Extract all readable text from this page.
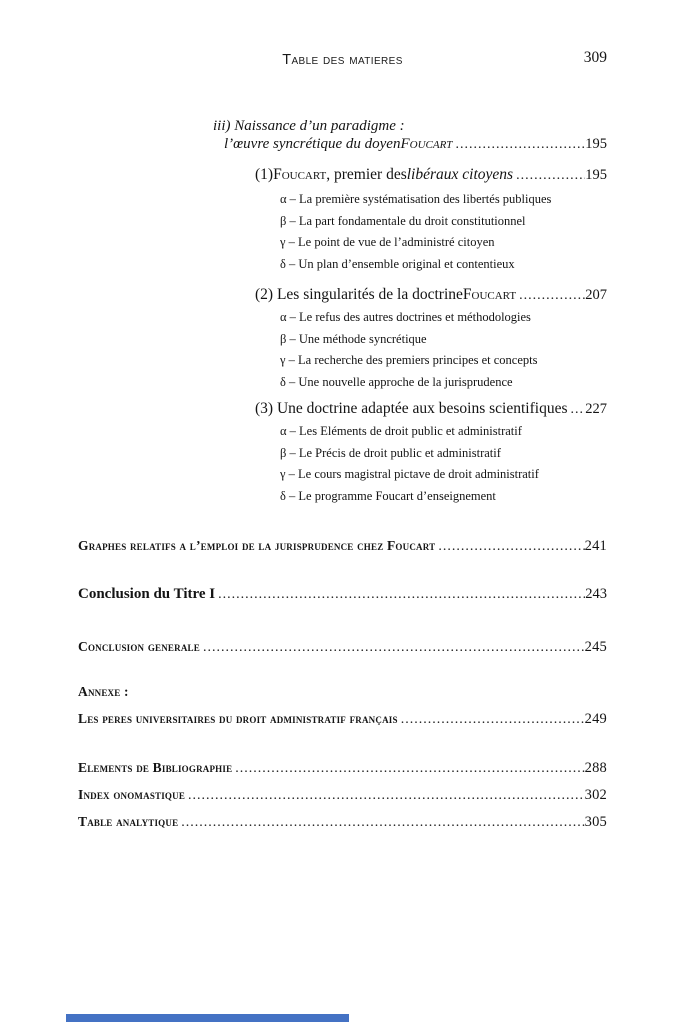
Table des matieres	309
iii) Naissance d’un paradigme :
l’œuvre syncrétique du doyen Foucart .....	195
(1) Foucart , premier des libéraux citoyens .....	195
α – La première systématisation des libertés publiques
β – La part fondamentale du droit constitutionnel
γ – Le point de vue de l’administré citoyen
δ – Un plan d’ensemble original et contentieux
(2) Les singularités de la doctrine Foucart .....	207
α – Le refus des autres doctrines et méthodologies
β – Une méthode syncrétique
γ – La recherche des premiers principes et concepts
δ – Une nouvelle approche de la jurisprudence
(3) Une doctrine adaptée aux besoins scientifiques ..... 227
α – Les Eléments de droit public et administratif
β – Le Précis de droit public et administratif
γ – Le cours magistral pictave de droit administratif
δ – Le programme Foucart d’enseignement
Graphes relatifs a l’emploi de la jurisprudence chez Foucart .....	241
Conclusion du Titre I .....	243
Conclusion generale .....	245
Annexe :
Les peres universitaires du droit administratif français .....	249
Elements de Bibliographie .....	288
Index onomastique .....	302
Table analytique .....	305
